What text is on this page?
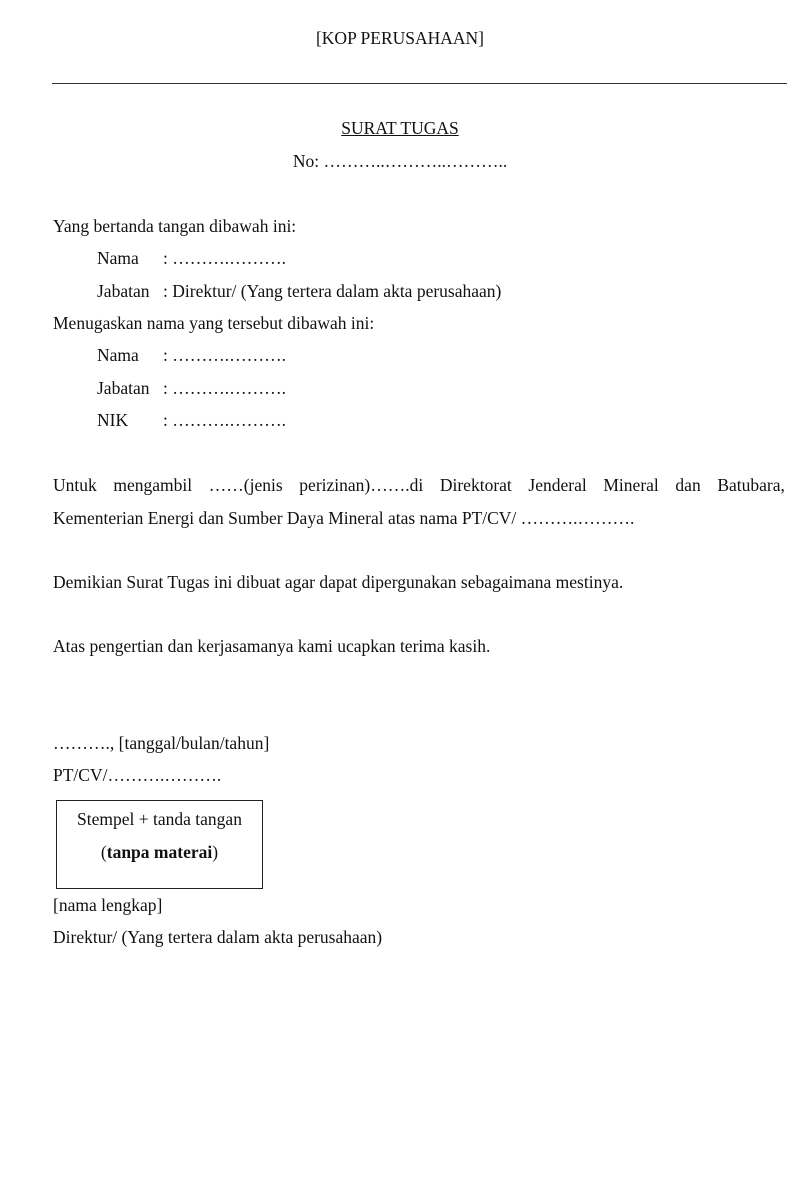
[KOP PERUSAHAAN]
SURAT TUGAS
No: ………..………..………..
Yang bertanda tangan dibawah ini:
Nama : ……….……….
Jabatan : Direktur/ (Yang tertera dalam akta perusahaan)
Menugaskan nama yang tersebut dibawah ini:
Nama : ……….……….
Jabatan : ……….……….
NIK : ……….……….
Untuk mengambil ……(jenis perizinan)…….di Direktorat Jenderal Mineral dan Batubara,
Kementerian Energi dan Sumber Daya Mineral atas nama PT/CV/ ……….……….
Demikian Surat Tugas ini dibuat agar dapat dipergunakan sebagaimana mestinya.
Atas pengertian dan kerjasamanya kami ucapkan terima kasih.
………., [tanggal/bulan/tahun]
PT/CV/……….……….
Stempel + tanda tangan
(tanpa materai)
[nama lengkap]
Direktur/ (Yang tertera dalam akta perusahaan)
